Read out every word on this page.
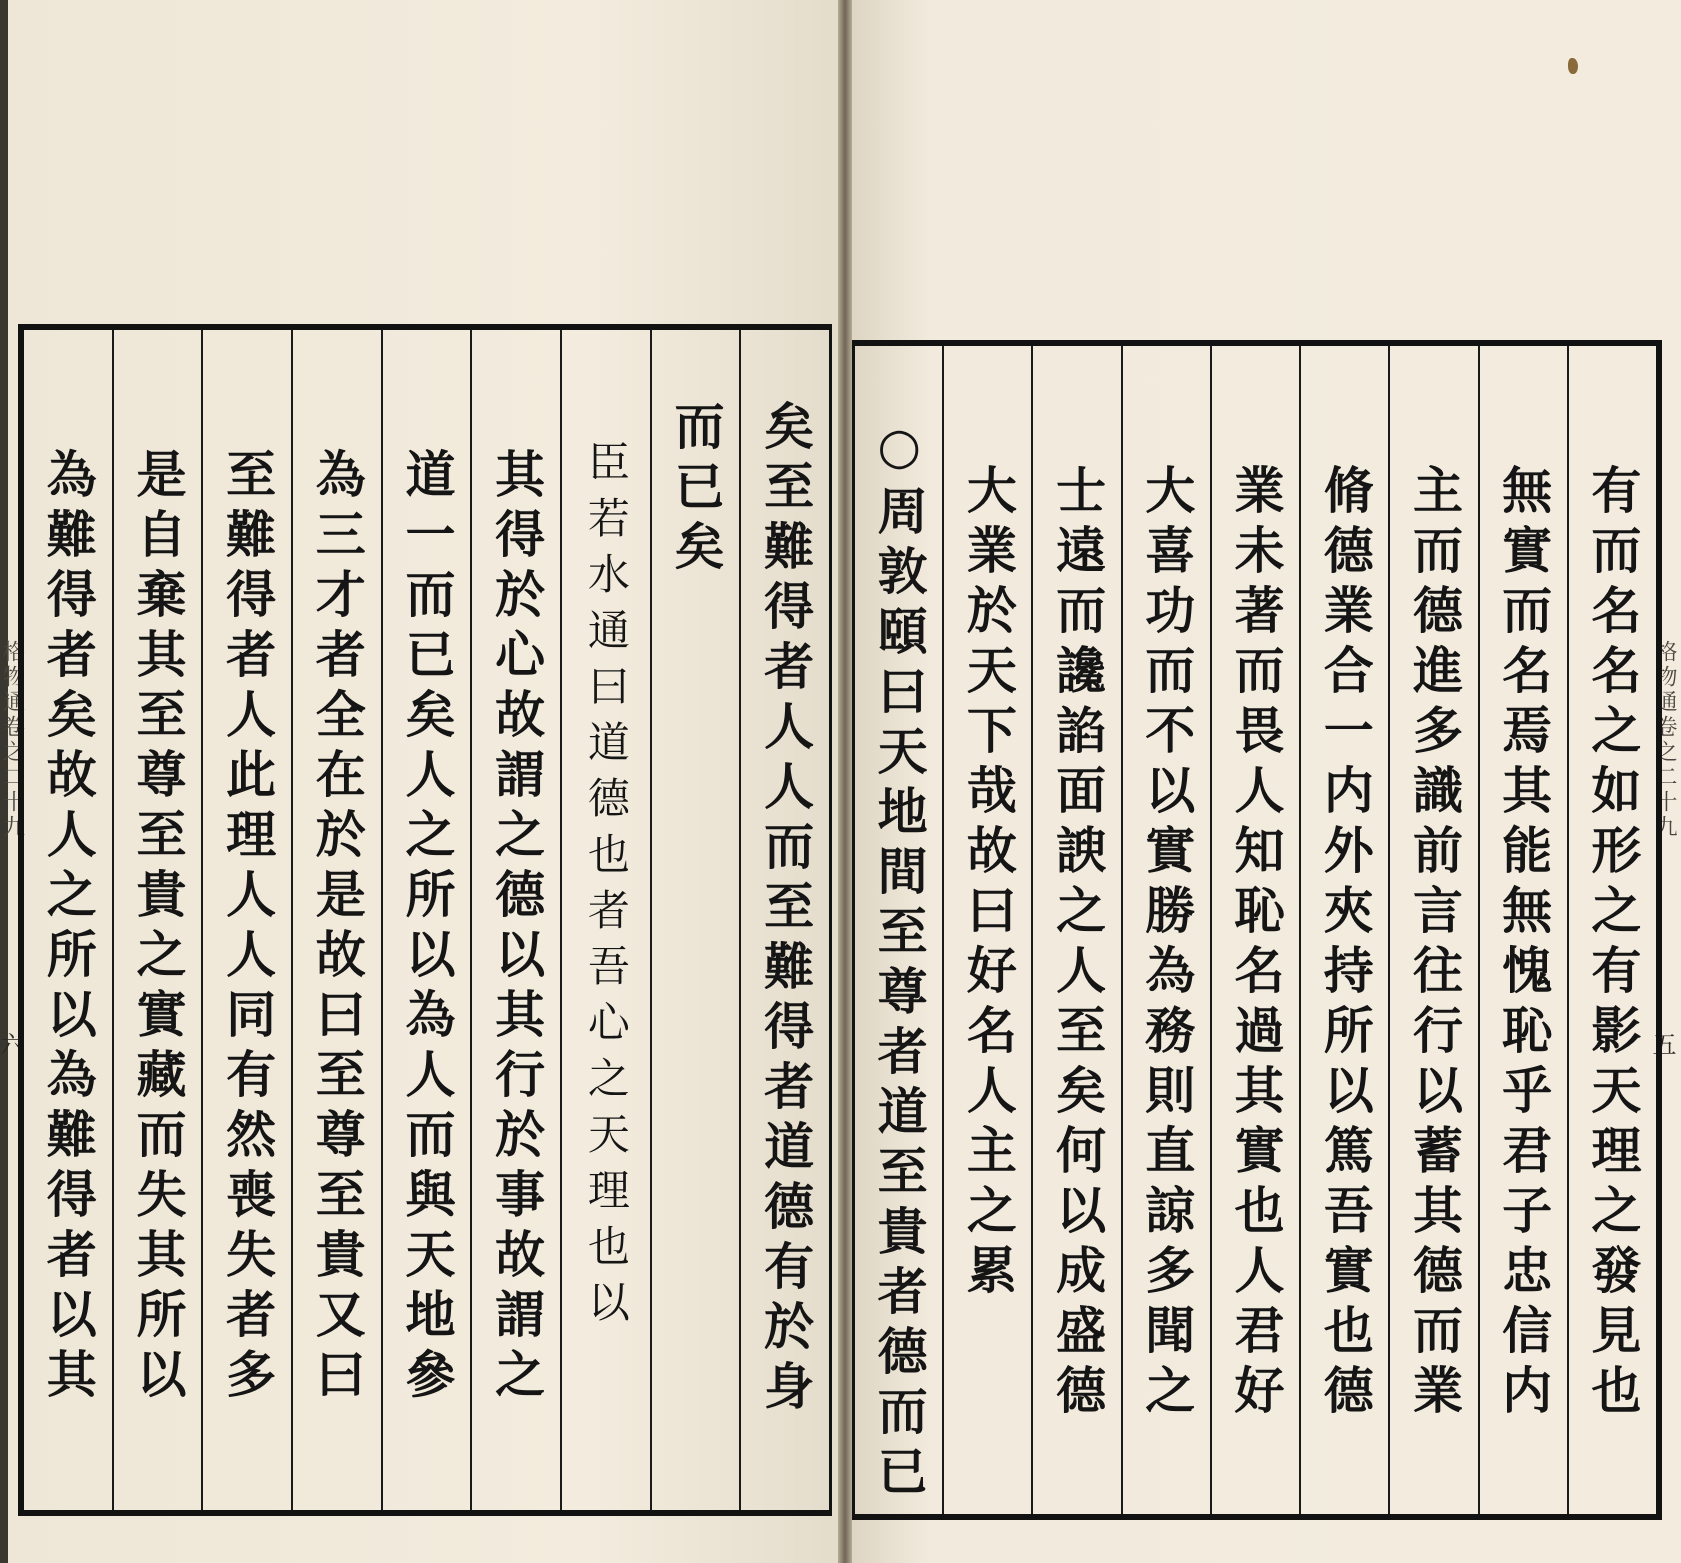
格物通卷之二十九
六
格物通卷之二十九
五
矣至難得者人人而至難得者道德有於身
而已矣
臣若水通曰道德也者吾心之天理也以
其得於心故謂之德以其行於事故謂之
道一而已矣人之所以為人而與天地參
為三才者全在於是故曰至尊至貴又曰
至難得者人此理人人同有然喪失者多
是自棄其至尊至貴之實藏而失其所以
為難得者矣故人之所以為難得者以其	有而名名之如形之有影天理之發見也
無實而名焉其能無愧恥乎君子忠信内
主而德進多識前言往行以蓄其德而業
脩德業合一内外夾持所以篤吾實也德
業未著而畏人知恥名過其實也人君好
大喜功而不以實勝為務則直諒多聞之
士遠而讒諂面諛之人至矣何以成盛德
大業於天下哉故曰好名人主之累
○周敦頤曰天地間至尊者道至貴者德而已
